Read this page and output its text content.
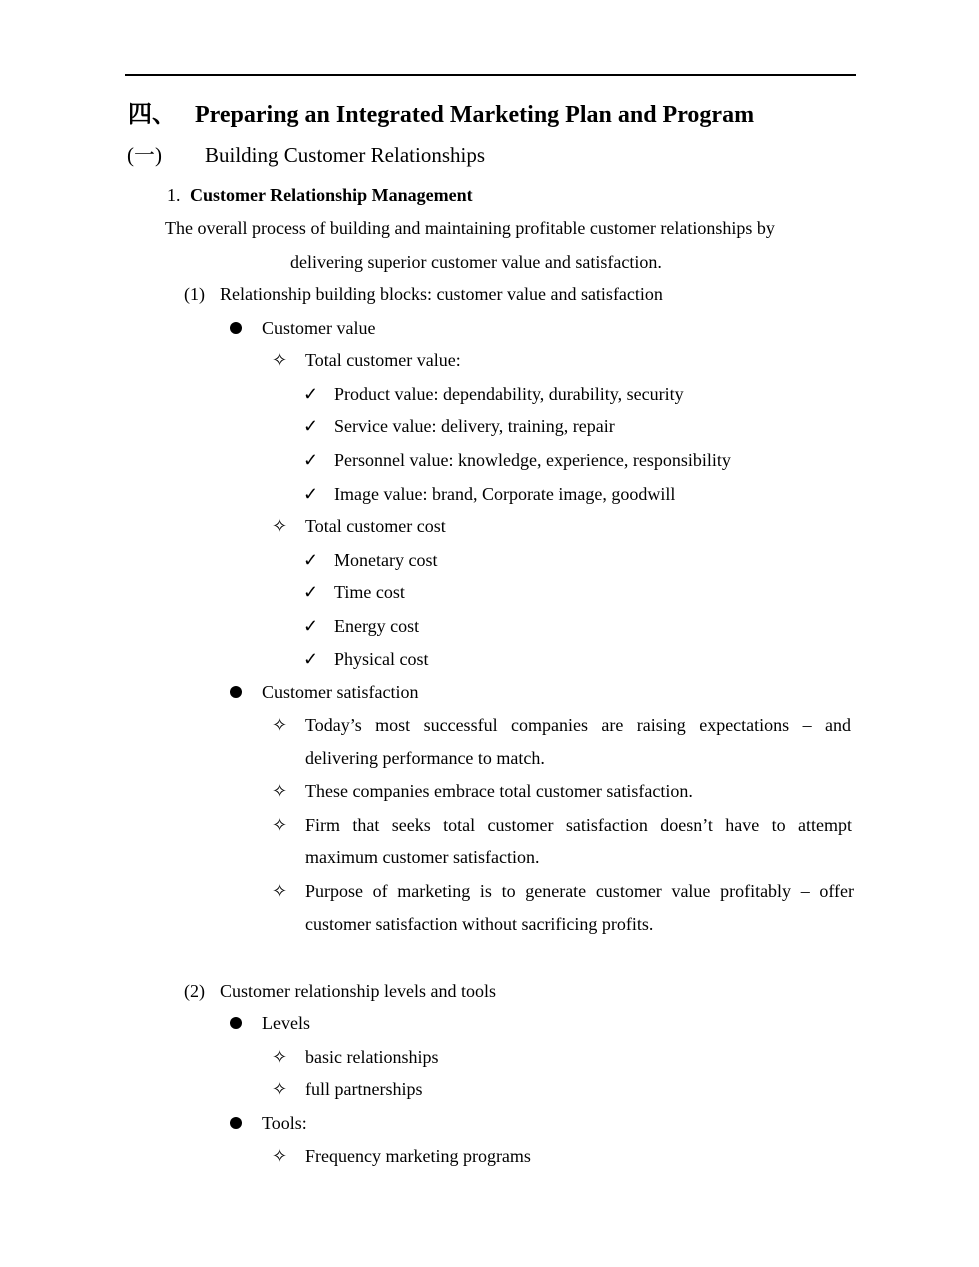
四、 Preparing an Integrated Marketing Plan and Program
(一) Building Customer Relationships
1. Customer Relationship Management
The overall process of building and maintaining profitable customer relationships by
delivering superior customer value and satisfaction.
(1) Relationship building blocks: customer value and satisfaction
Customer value
✧ Total customer value:
✓ Product value: dependability, durability, security
✓ Service value: delivery, training, repair
✓ Personnel value: knowledge, experience, responsibility
✓ Image value: brand, Corporate image, goodwill
✧ Total customer cost
✓ Monetary cost
✓ Time cost
✓ Energy cost
✓ Physical cost
Customer satisfaction
✧ Today’s most successful companies are raising expectations – and
delivering performance to match.
✧ These companies embrace total customer satisfaction.
✧ Firm that seeks total customer satisfaction doesn’t have to attempt
maximum customer satisfaction.
✧ Purpose of marketing is to generate customer value profitably – offer
customer satisfaction without sacrificing profits.
(2) Customer relationship levels and tools
Levels
✧ basic relationships
✧ full partnerships
Tools:
✧ Frequency marketing programs
